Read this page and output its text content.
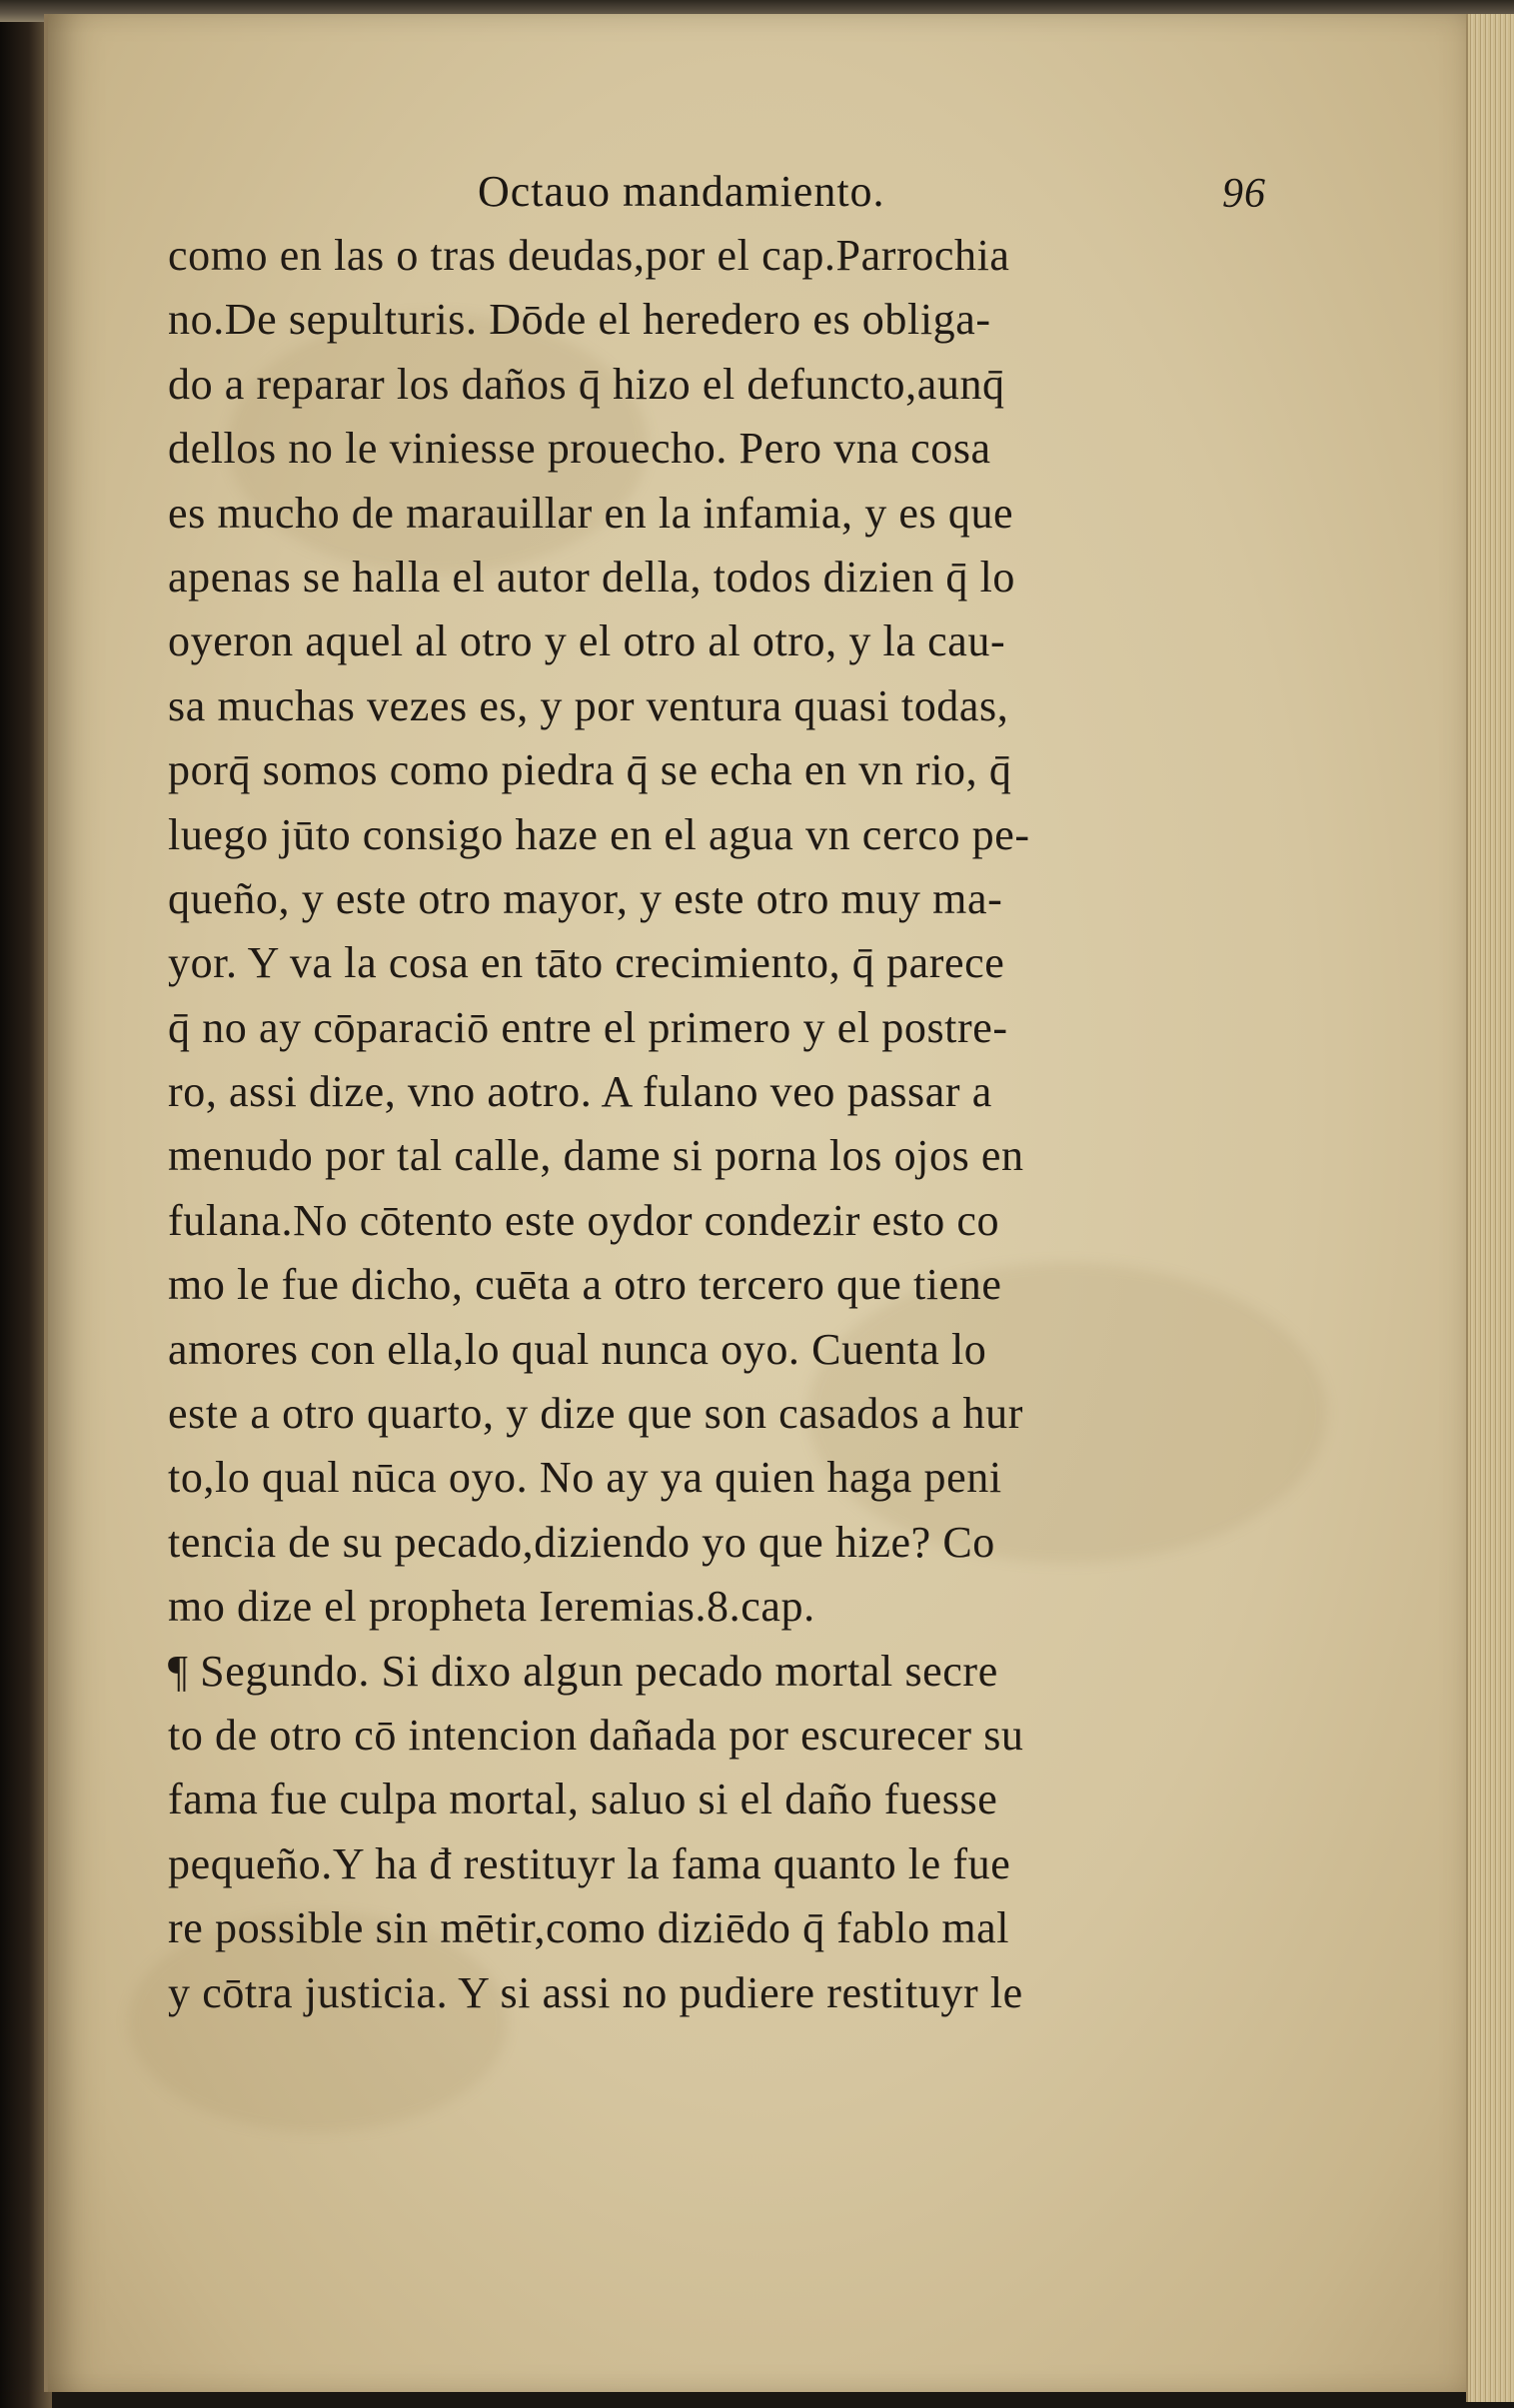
Octauo mandamiento.	96
como en las o tras deudas,por el cap.Parrochia
no.De sepulturis. Dōde el heredero es obliga-
do a reparar los daños q̄ hizo el defuncto,aunq̄
dellos no le viniesse prouecho. Pero vna cosa
es mucho de marauillar en la infamia, y es que
apenas se halla el autor della, todos dizien q̄ lo
oyeron aquel al otro y el otro al otro, y la cau-
sa muchas vezes es, y por ventura quasi todas,
porq̄ somos como piedra q̄ se echa en vn rio, q̄
luego jūto consigo haze en el agua vn cerco pe-
queño, y este otro mayor, y este otro muy ma-
yor. Y va la cosa en tāto crecimiento, q̄ parece
q̄ no ay cōparaciō entre el primero y el postre-
ro, assi dize, vno aotro. A fulano veo passar a
menudo por tal calle, dame si porna los ojos en
fulana.No cōtento este oydor condezir esto co
mo le fue dicho, cuēta a otro tercero que tiene
amores con ella,lo qual nunca oyo. Cuenta lo
este a otro quarto, y dize que son casados a hur
to,lo qual nūca oyo. No ay ya quien haga peni
tencia de su pecado,diziendo yo que hize? Co
mo dize el propheta Ieremias.8.cap.
¶ Segundo. Si dixo algun pecado mortal secre
to de otro cō intencion dañada por escurecer su
fama fue culpa mortal, saluo si el daño fuesse
pequeño.Y ha đ restituyr la fama quanto le fue
re possible sin mētir,como diziēdo q̄ fablo mal
y cōtra justicia. Y si assi no pudiere restituyr le
